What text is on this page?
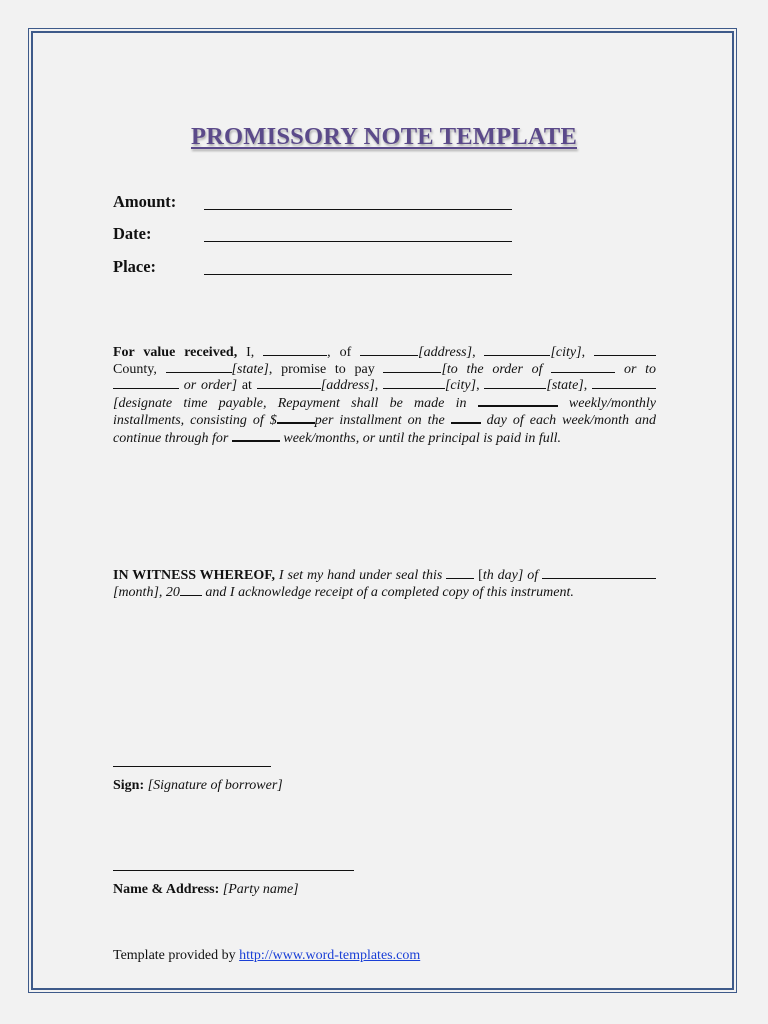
PROMISSORY NOTE TEMPLATE
Amount:
Date:
Place:
For value received, I,	, of	[address],	[city],  County,	[state], promise to pay	[to the order of	or to  or order] at	[address],	[city],	[state], [designate time payable, Repayment shall be made in	weekly/monthly installments, consisting of $	per installment on the  day of each week/month and continue through for	week/months, or until the principal is paid in full.
IN WITNESS WHEREOF, I set my hand under seal this  [th day] of  [month], 20 and I acknowledge receipt of a completed copy of this instrument.
Sign: [Signature of borrower]
Name & Address: [Party name]
Template provided by http://www.word-templates.com
